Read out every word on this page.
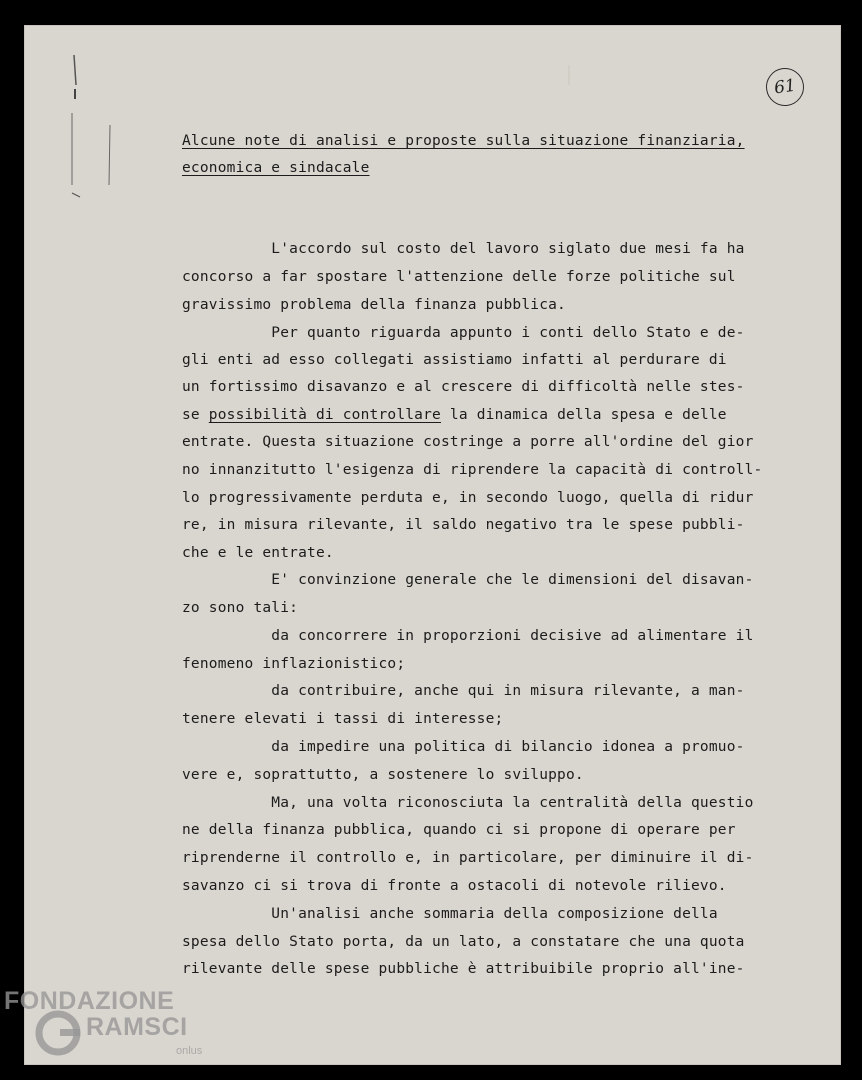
61

Alcune note di analisi e proposte sulla situazione finanziaria,

economica e sindacale

L'accordo sul costo del lavoro siglato due mesi fa ha

concorso a far spostare l'attenzione delle forze politiche sul

gravissimo problema della finanza pubblica.

Per quanto riguarda appunto i conti dello Stato e de-

gli enti ad esso collegati assistiamo infatti al perdurare di

un fortissimo disavanzo e al crescere di difficoltà nelle stes-

se possibilità di controllare la dinamica della spesa e delle

entrate. Questa situazione costringe a porre all'ordine del gior

no innanzitutto l'esigenza di riprendere la capacità di controll-

lo progressivamente perduta e, in secondo luogo, quella di ridur

re, in misura rilevante, il saldo negativo tra le spese pubbli-

che e le entrate.

E' convinzione generale che le dimensioni del disavan-

zo sono tali:

da concorrere in proporzioni decisive ad alimentare il

fenomeno inflazionistico;

da contribuire, anche qui in misura rilevante, a man-

tenere elevati i tassi di interesse;

da impedire una politica di bilancio idonea a promuo-

vere e, soprattutto, a sostenere lo sviluppo.

Ma, una volta riconosciuta la centralità della questio

ne della finanza pubblica, quando ci si propone di operare per

riprenderne il controllo e, in particolare, per diminuire il di-

savanzo ci si trova di fronte a ostacoli di notevole rilievo.

Un'analisi anche sommaria della composizione della

spesa dello Stato porta, da un lato, a constatare che una quota

rilevante delle spese pubbliche è attribuibile proprio all'ine-

FONDAZIONE
RAMSCI
onlus
